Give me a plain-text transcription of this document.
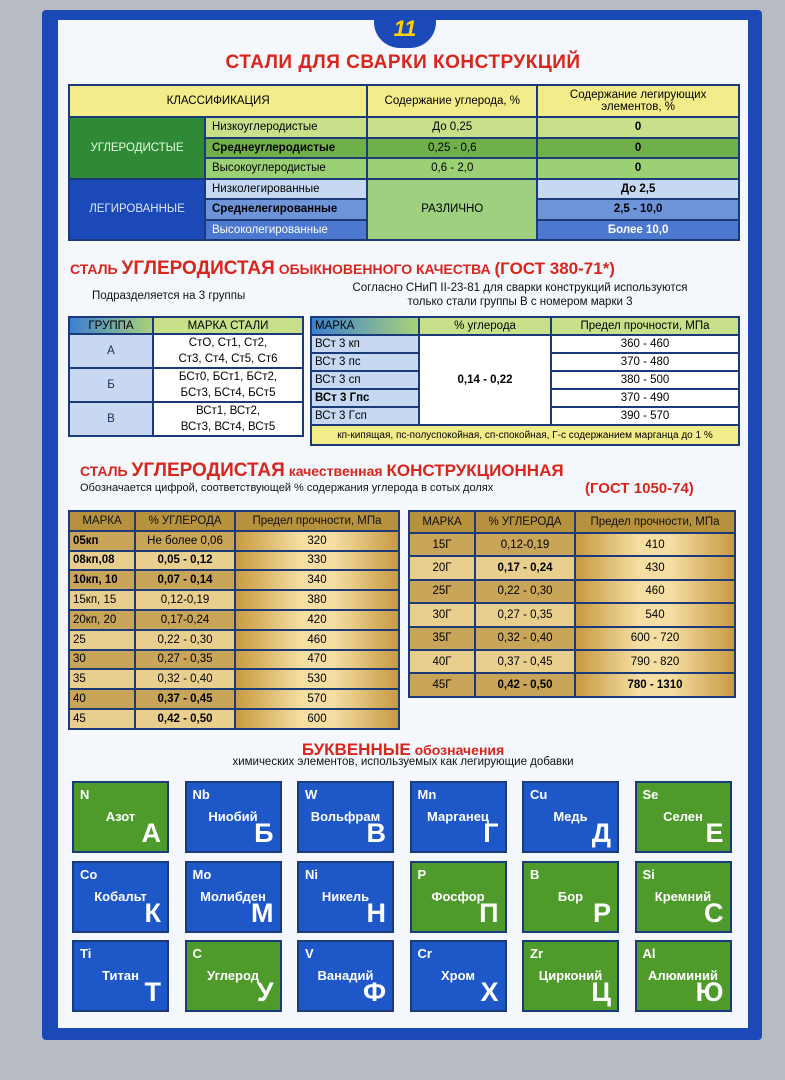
11
СТАЛИ ДЛЯ СВАРКИ КОНСТРУКЦИЙ
КЛАССИФИКАЦИЯ		Содержание углерода, %	Содержание легирующих элементов, %
УГЛЕРОДИСТЫЕ	Низкоуглеродистые	До 0,25	0
	Среднеуглеродистые	0,25 - 0,6	0
	Высокоуглеродистые	0,6 - 2,0	0
ЛЕГИРОВАННЫЕ	Низколегированные	РАЗЛИЧНО	До 2,5
	Среднелегированные		2,5 - 10,0
	Высоколегированные		Более 10,0
СТАЛЬ УГЛЕРОДИСТАЯ ОБЫКНОВЕННОГО КАЧЕСТВА (ГОСТ 380-71*)
Подразделяется на 3 группы
Согласно СНиП II-23-81 для сварки конструкций используются
только стали группы В с номером марки 3
ГРУППА	МАРКА СТАЛИ
А	СтО, Ст1, Ст2,
	Ст3, Ст4, Ст5, Ст6
Б	БСт0, БСт1, БСт2,
	БСт3, БСт4, БСт5
В	ВСт1, ВСт2,
	ВСт3, ВСт4, ВСт5
МАРКА	% углерода	Предел прочности, МПа
ВСт 3 кп	0,14 - 0,22	360 - 460
ВСт 3 пс		370 - 480
ВСт 3 сп		380 - 500
ВСт 3 Гпс		370 - 490
ВСт 3 Гсп		390 - 570
кп-кипящая, пс-полуспокойная, сп-спокойная, Г-с содержанием марганца до 1 %		
СТАЛЬ УГЛЕРОДИСТАЯ качественная КОНСТРУКЦИОННАЯ
(ГОСТ 1050-74)
Обозначается цифрой, соответствующей % содержания углерода в сотых долях
МАРКА	% УГЛЕРОДА	Предел прочности, МПа
05кп	Не более 0,06	320
08кп,08	0,05 - 0,12	330
10кп, 10	0,07 - 0,14	340
15кп, 15	0,12-0,19	380
20кп, 20	0,17-0,24	420
25	0,22 - 0,30	460
30	0,27 - 0,35	470
35	0,32 - 0,40	530
40	0,37 - 0,45	570
45	0,42 - 0,50	600
МАРКА	% УГЛЕРОДА	Предел прочности, МПа
15Г	0,12-0,19	410
20Г	0,17 - 0,24	430
25Г	0,22 - 0,30	460
30Г	0,27 - 0,35	540
35Г	0,32 - 0,40	600 - 720
40Г	0,37 - 0,45	790 - 820
45Г	0,42 - 0,50	780 - 1310
БУКВЕННЫЕ обозначения
химических элементов, используемых как легирующие добавки
N
Азот
А
Nb
Ниобий
Б
W
Вольфрам
В
Mn
Марганец
Г
Cu
Медь
Д
Se
Селен
Е
Co
Кобальт
К
Mo
Молибден
М
Ni
Никель
Н
P
Фосфор
П
B
Бор
Р
Si
Кремний
С
Ti
Титан
Т
C
Углерод
У
V
Ванадий
Ф
Cr
Хром
Х
Zr
Цирконий
Ц
Al
Алюминий
Ю
